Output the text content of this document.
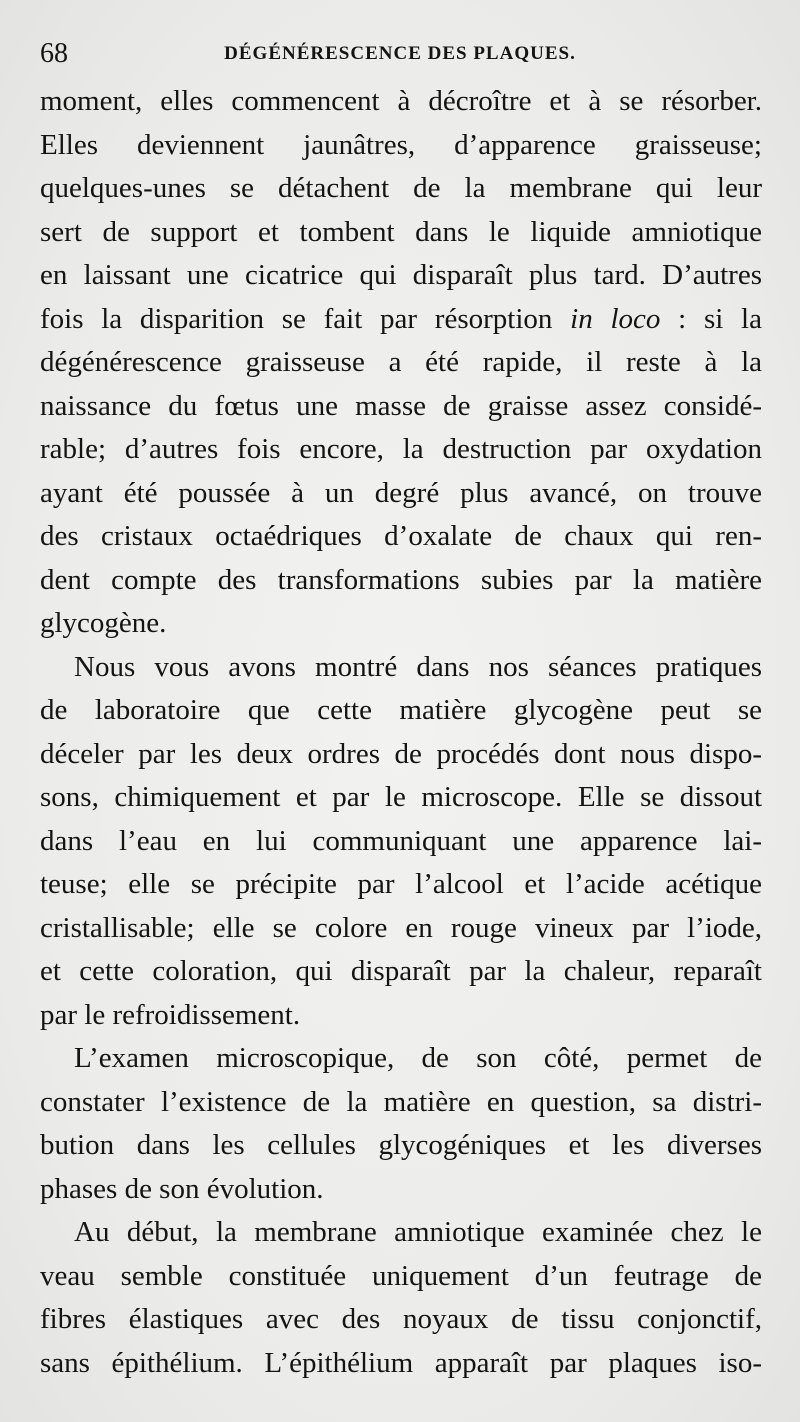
68	DÉGÉNÉRESCENCE DES PLAQUES.

moment, elles commencent à décroître et à se résorber.
Elles deviennent jaunâtres, d’apparence graisseuse;
quelques-unes se détachent de la membrane qui leur
sert de support et tombent dans le liquide amniotique
en laissant une cicatrice qui disparaît plus tard. D’autres
fois la disparition se fait par résorption in loco : si la
dégénérescence graisseuse a été rapide, il reste à la
naissance du fœtus une masse de graisse assez considé-
rable; d’autres fois encore, la destruction par oxydation
ayant été poussée à un degré plus avancé, on trouve
des cristaux octaédriques d’oxalate de chaux qui ren-
dent compte des transformations subies par la matière
glycogène.

Nous vous avons montré dans nos séances pratiques
de laboratoire que cette matière glycogène peut se
déceler par les deux ordres de procédés dont nous dispo-
sons, chimiquement et par le microscope. Elle se dissout
dans l’eau en lui communiquant une apparence lai-
teuse; elle se précipite par l’alcool et l’acide acétique
cristallisable; elle se colore en rouge vineux par l’iode,
et cette coloration, qui disparaît par la chaleur, reparaît
par le refroidissement.

L’examen microscopique, de son côté, permet de
constater l’existence de la matière en question, sa distri-
bution dans les cellules glycogéniques et les diverses
phases de son évolution.

Au début, la membrane amniotique examinée chez le
veau semble constituée uniquement d’un feutrage de
fibres élastiques avec des noyaux de tissu conjonctif,
sans épithélium. L’épithélium apparaît par plaques iso-
